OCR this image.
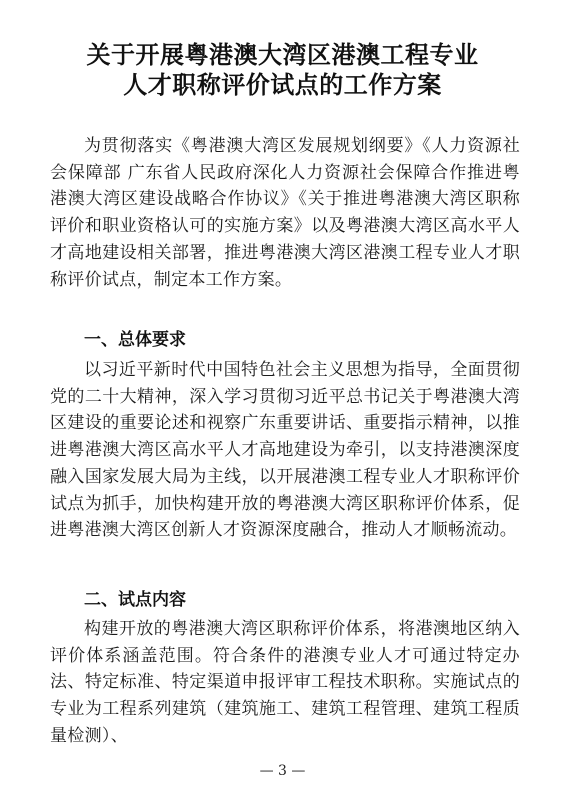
关于开展粤港澳大湾区港澳工程专业
人才职称评价试点的工作方案

为贯彻落实《粤港澳大湾区发展规划纲要》《人力资源社会保障部 广东省人民政府深化人力资源社会保障合作推进粤港澳大湾区建设战略合作协议》《关于推进粤港澳大湾区职称评价和职业资格认可的实施方案》以及粤港澳大湾区高水平人才高地建设相关部署，推进粤港澳大湾区港澳工程专业人才职称评价试点，制定本工作方案。

一、总体要求

以习近平新时代中国特色社会主义思想为指导，全面贯彻党的二十大精神，深入学习贯彻习近平总书记关于粤港澳大湾区建设的重要论述和视察广东重要讲话、重要指示精神，以推进粤港澳大湾区高水平人才高地建设为牵引，以支持港澳深度融入国家发展大局为主线，以开展港澳工程专业人才职称评价试点为抓手，加快构建开放的粤港澳大湾区职称评价体系，促进粤港澳大湾区创新人才资源深度融合，推动人才顺畅流动。

二、试点内容

构建开放的粤港澳大湾区职称评价体系，将港澳地区纳入评价体系涵盖范围。符合条件的港澳专业人才可通过特定办法、特定标准、特定渠道申报评审工程技术职称。实施试点的专业为工程系列建筑（建筑施工、建筑工程管理、建筑工程质量检测）、

— 3 —
